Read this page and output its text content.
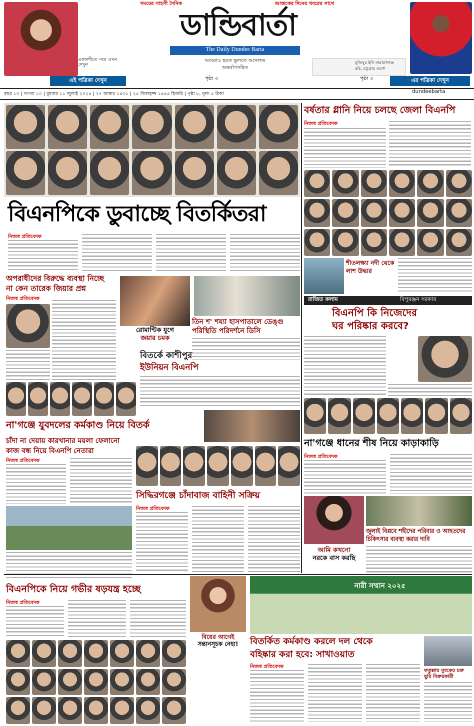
এই পত্রিকা দেখুন
একাদশীতে পাত্র এখন দেখুন
সময়ের সাহসী দৈনিক	আজকের দিনের খবরের সাথে
ডান্ডিবার্তা
The Daily Dundee Barta
আমরাও হয়ত ভুলতে আসলাম
অন্তর্বাণসহিত
পৃষ্ঠা ৩
মুজিবুর ইনি নারায়ণগঞ্জ
রচি, চট্টগ্রাম গুণো
পৃষ্ঠা ৩	এর পত্রিকা দেখুন
বছর ১৩ | সংখ্যা ১০ | বুধবার ১১ জুলাই ২০২৪ | ২৭ আষাঢ় ১৪৩১ | ২৫ জিলহজ্জ ১৪৪৫ হিজরি | পৃষ্ঠা ৮, মূল্য ৫ টাকা	dundeebarta
বিএনপিকে ডুবাচ্ছে বিতর্কিতরা
বর্ষতার গ্লানি নিয়ে চলছে জেলা বিএনপি
নিজস্ব প্রতিবেদক
শীতলক্ষ্যা নদী থেকে
লাশ উদ্ধার
নিজস্ব প্রতিবেদক
অপরাধীদের বিরুদ্ধে ব্যবস্থা নিচ্ছে
না কেন তারেক জিয়ার প্রশ্ন
নিজস্ব প্রতিবেদক
রোমান্টিক যুগে
জয়ার চমক
তিন শ' শয্যা হাসপাতালে ডেঙ্গু
পরিস্থিতি পরিদর্শনে ডিসি
রাজিত কলাম	বিপুরঞ্জন সরকার
বিএনপি কি নিজেদের
ঘর পরিষ্কার করবে?
বিতর্কে কাশীপুর
ইউনিয়ন বিএনপি
না'গঞ্জে যুবদলের কর্মকাণ্ড নিয়ে বিতর্ক
না'গঞ্জে ধানের শীষ নিয়ে কাড়াকাড়ি
নিজস্ব প্রতিবেদক
চাঁদা না দেয়ায় কারখানার ময়লা ফেলানো
কাজ বন্ধ নিয়ে বিএনপি নেতারা
নিজস্ব প্রতিবেদক
সিদ্ধিরগঞ্জে চাঁদাবাজ বাহিনী সক্রিয়
নিজস্ব প্রতিবেদক
আমি কখনো
নরকে বাস করছি
জুলাই বিপ্লবে শহীদের পরিবার ও আহতদের
চিকিৎসার ব্যবস্থা করার দাবি
বিএনপিকে নিয়ে গভীর ষড়যন্ত্র হচ্ছে
নিজস্ব প্রতিবেদক
বিয়ের আগেই
সন্তানসূচক নেহা!
নারী সম্মান ২০২৫
বিতর্কিত কর্মকাণ্ড করলে দল থেকে
বহিষ্কার করা হবে: সাখাওয়াত
নিজস্ব প্রতিবেদক
ফতুল্লায় যুবকের চক্র
ছুরি বিক্রয়কারী
